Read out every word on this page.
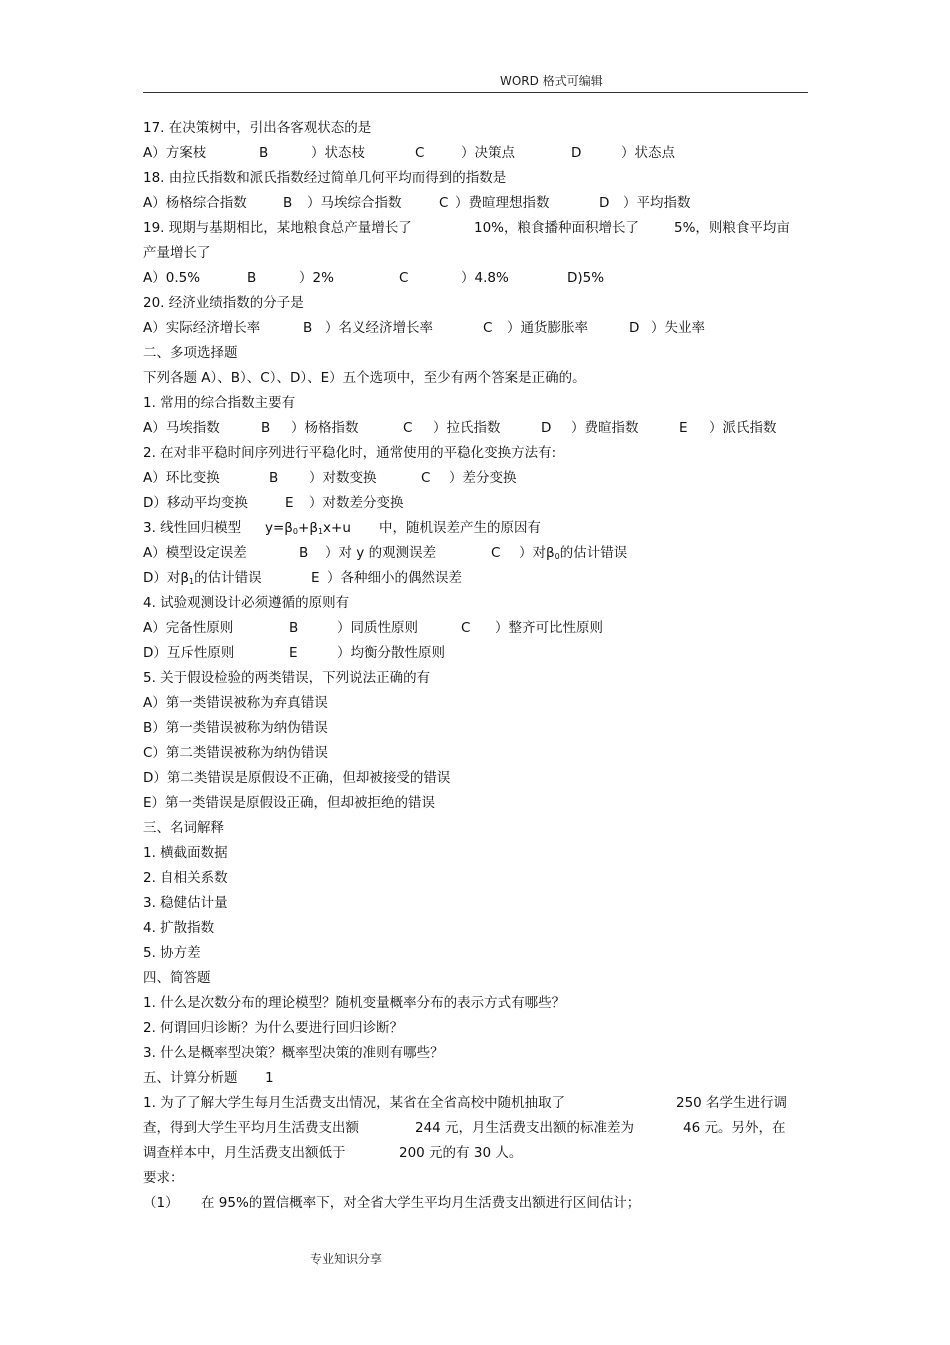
WORD 格式可编辑
17. 在决策树中，引出各客观状态的是
A）方案枝	B	）状态枝	C	）决策点	D	）状态点
18. 由拉氏指数和派氏指数经过简单几何平均而得到的指数是
A）杨格综合指数	B ）马埃综合指数	C ）费暄理想指数	D ）平均指数
19. 现期与基期相比，某地粮食总产量增长了	10%，粮食播种面积增长了	5%，则粮食平均亩
产量增长了
A）0.5%	B	）2%	C	）4.8%	D)5%
20. 经济业绩指数的分子是
A）实际经济增长率	B ）名义经济增长率	C ）通货膨胀率	D ）失业率
二、多项选择题
下列各题 A）、B）、C）、D）、E）五个选项中，至少有两个答案是正确的。
1. 常用的综合指数主要有
A）马埃指数	B ）杨格指数	C ）拉氏指数	D ）费暄指数	E ）派氏指数
2. 在对非平稳时间序列进行平稳化时，通常使用的平稳化变换方法有:
A）环比变换	B ）对数变换	C ）差分变换
D）移动平均变换	E ）对数差分变换
3. 线性回归模型 $y=\beta_0+\beta_1x+u$ 中，随机误差产生的原因有
A）模型设定误差	B ）对 y 的观测误差	C ）对$\beta_0$的估计错误
D）对$\beta_1$的估计错误	E ）各种细小的偶然误差
4. 试验观测设计必须遵循的原则有
A）完备性原则	B	）同质性原则	C ）整齐可比性原则
D）互斥性原则	E	）均衡分散性原则
5. 关于假设检验的两类错误，下列说法正确的有
A）第一类错误被称为弃真错误
B）第一类错误被称为纳伪错误
C）第二类错误被称为纳伪错误
D）第二类错误是原假设不正确，但却被接受的错误
E）第一类错误是原假设正确，但却被拒绝的错误
三、名词解释
1. 横截面数据
2. 自相关系数
3. 稳健估计量
4. 扩散指数
5. 协方差
四、简答题
1. 什么是次数分布的理论模型？随机变量概率分布的表示方式有哪些？
2. 何谓回归诊断？为什么要进行回归诊断？
3. 什么是概率型决策？概率型决策的准则有哪些？
五、计算分析题 1
1. 为了了解大学生每月生活费支出情况，某省在全省高校中随机抽取了	250 名学生进行调
查，得到大学生平均月生活费支出额	244 元，月生活费支出额的标准差为	46 元。另外，在
调查样本中，月生活费支出额低于	200 元的有 30 人。
要求：
（1） 在 95%的置信概率下，对全省大学生平均月生活费支出额进行区间估计；
专业知识分享
